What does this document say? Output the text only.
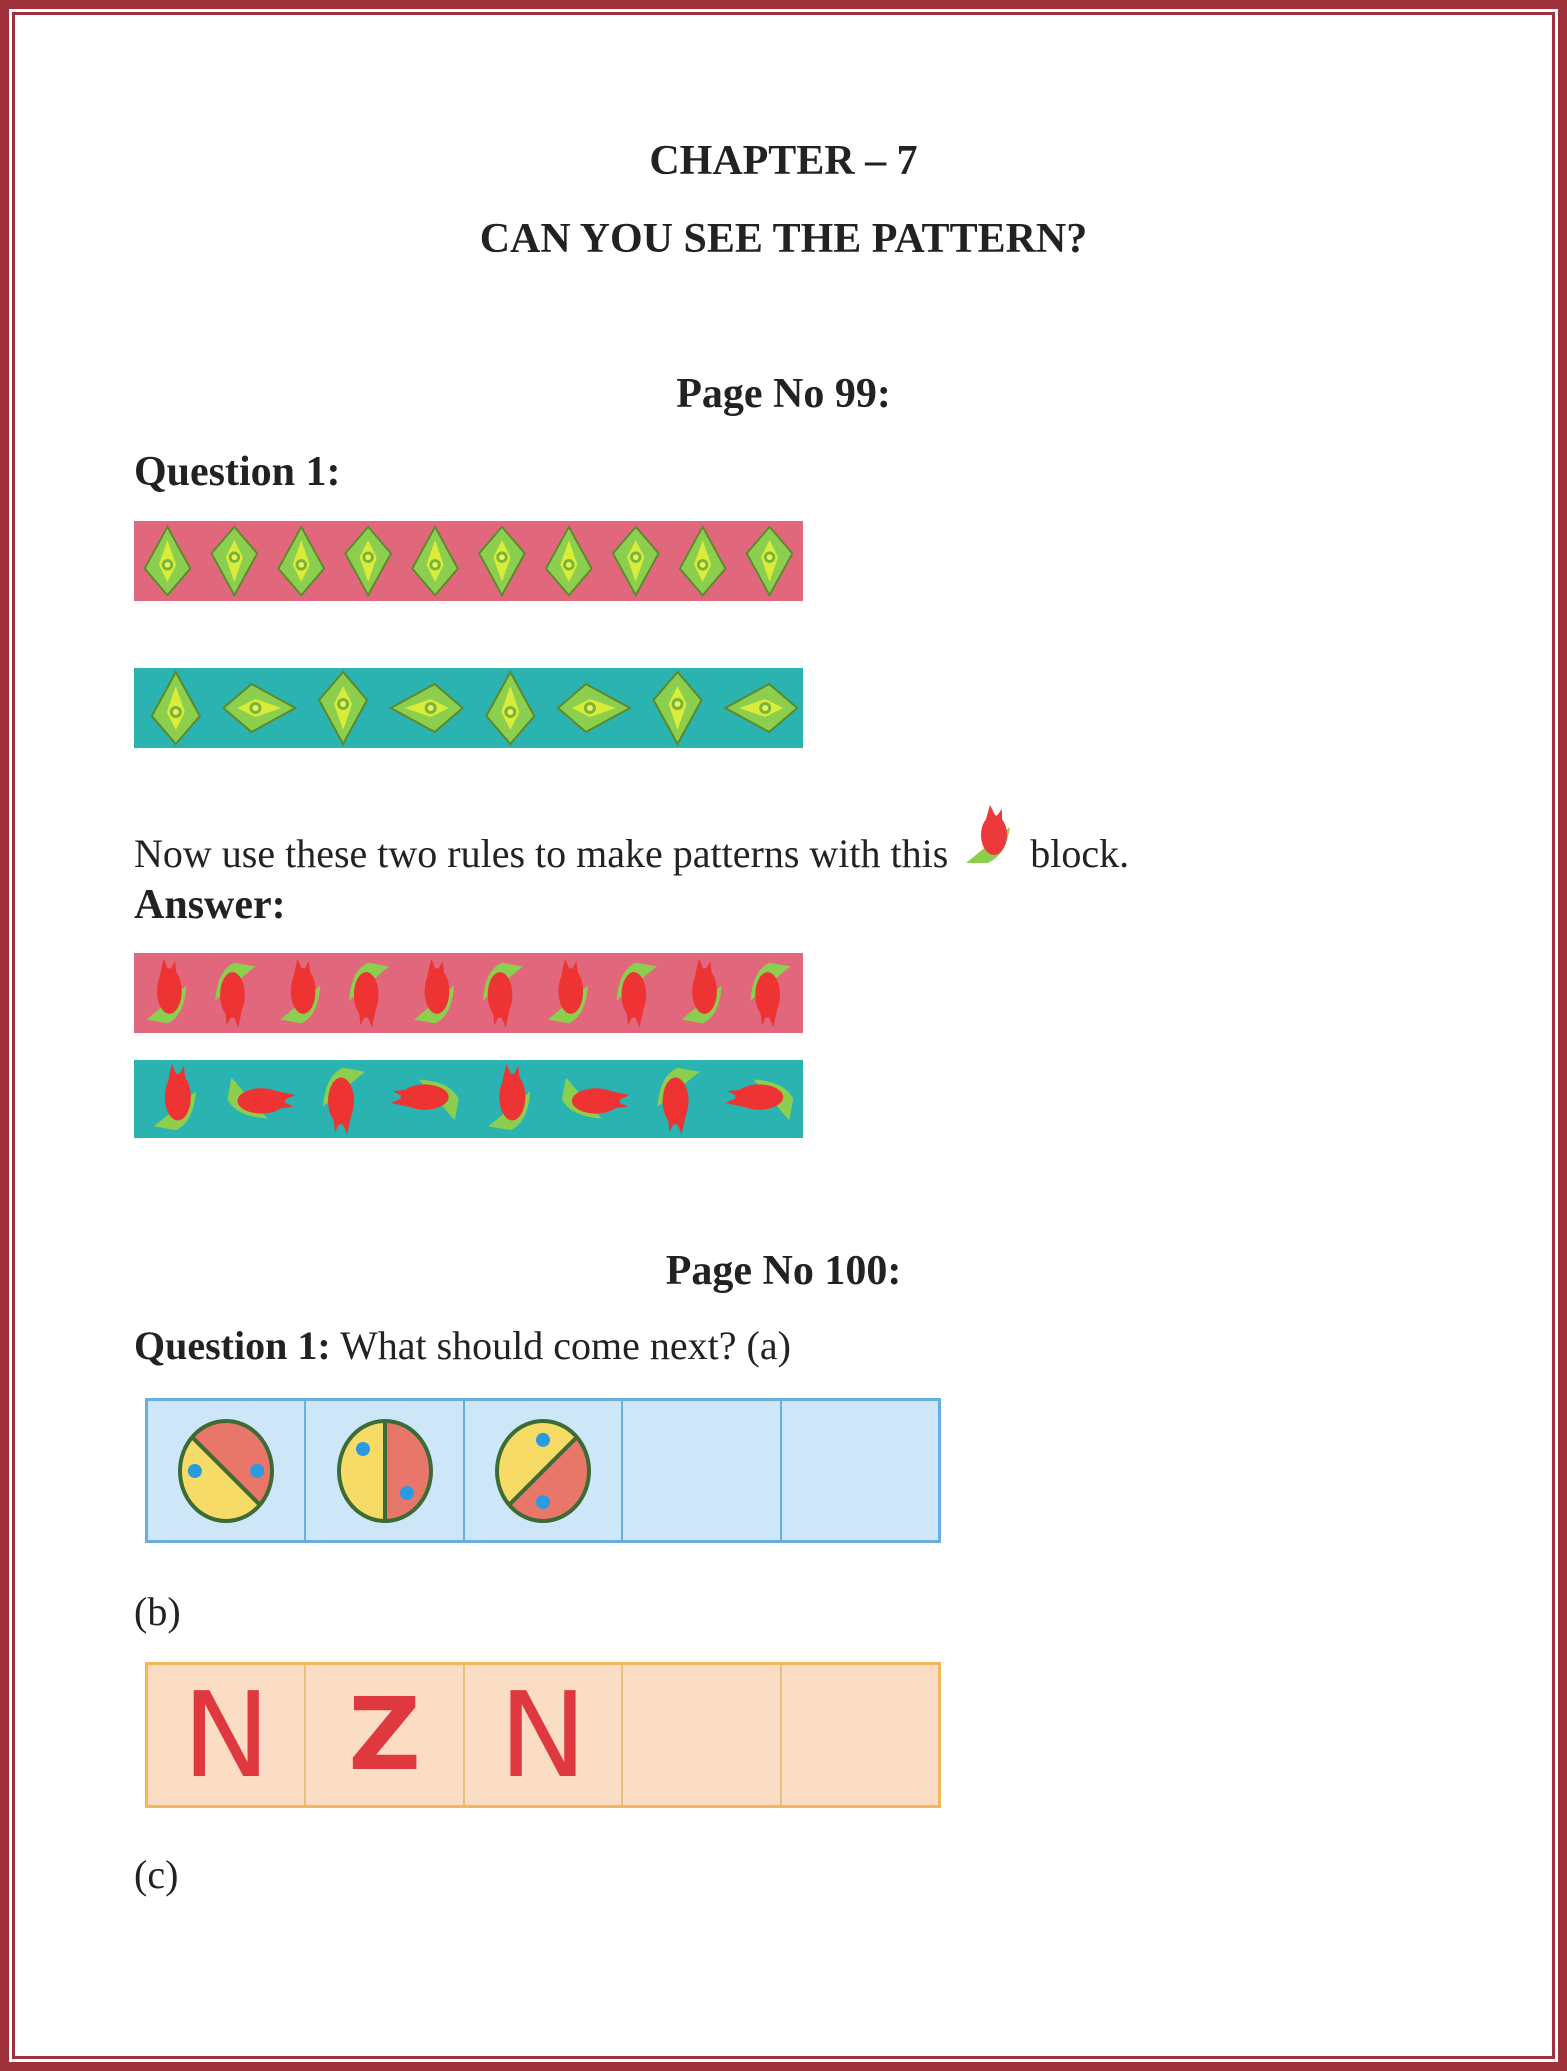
CHAPTER – 7
CAN YOU SEE THE PATTERN?
Page No 99:
Question 1:
Now use these two rules to make patterns with this block.
Answer:
Page No 100:
Question 1: What should come next? (a)
(b)
N Z N
(c)
